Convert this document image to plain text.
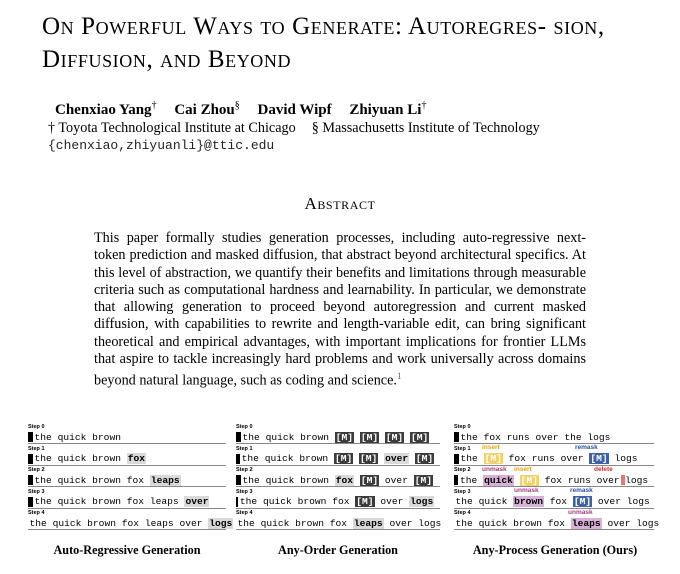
On Powerful Ways to Generate: Autoregres- sion, Diffusion, and Beyond
Chenxiao Yang† Cai Zhou§ David Wipf Zhiyuan Li†
† Toyota Technological Institute at Chicago § Massachusetts Institute of Technology
{chenxiao,zhiyuanli}@ttic.edu
Abstract

This paper formally studies generation processes, including auto-regressive next-token prediction and masked diffusion, that abstract beyond architectural specifics. At this level of abstraction, we quantify their benefits and limitations through measurable criteria such as computational hardness and learnability. In particular, we demonstrate that allowing generation to proceed beyond autoregression and current masked diffusion, with capabilities to rewrite and length-variable edit, can bring significant theoretical and empirical advantages, with important implications for frontier LLMs that aspire to tackle increasingly hard problems and work universally across domains beyond natural language, such as coding and science.$^1$

Step 0
the quick brown
Step 1
the quick brown fox
Step 2
the quick brown fox leaps
Step 3
the quick brown fox leaps over
Step 4
the quick brown fox leaps over logs
Step 0
the quick brown [M] [M] [M] [M]
Step 1
the quick brown [M] [M] over [M]
Step 2
the quick brown fox [M] over [M]
Step 3
the quick brown fox [M] over logs
Step 4
the quick brown fox leaps over logs
Step 0
the fox runs over the logs
Step 1 insert	remask
the [M] fox runs over [M] logs
Step 2 unmask insert	delete
the quick [M] fox runs over logs
Step 3	unmask	remask
the quick brown fox [M] over logs
Step 4	unmask
the quick brown fox leaps over logs
Auto-Regressive Generation	Any-Order Generation	Any-Process Generation (Ours)
